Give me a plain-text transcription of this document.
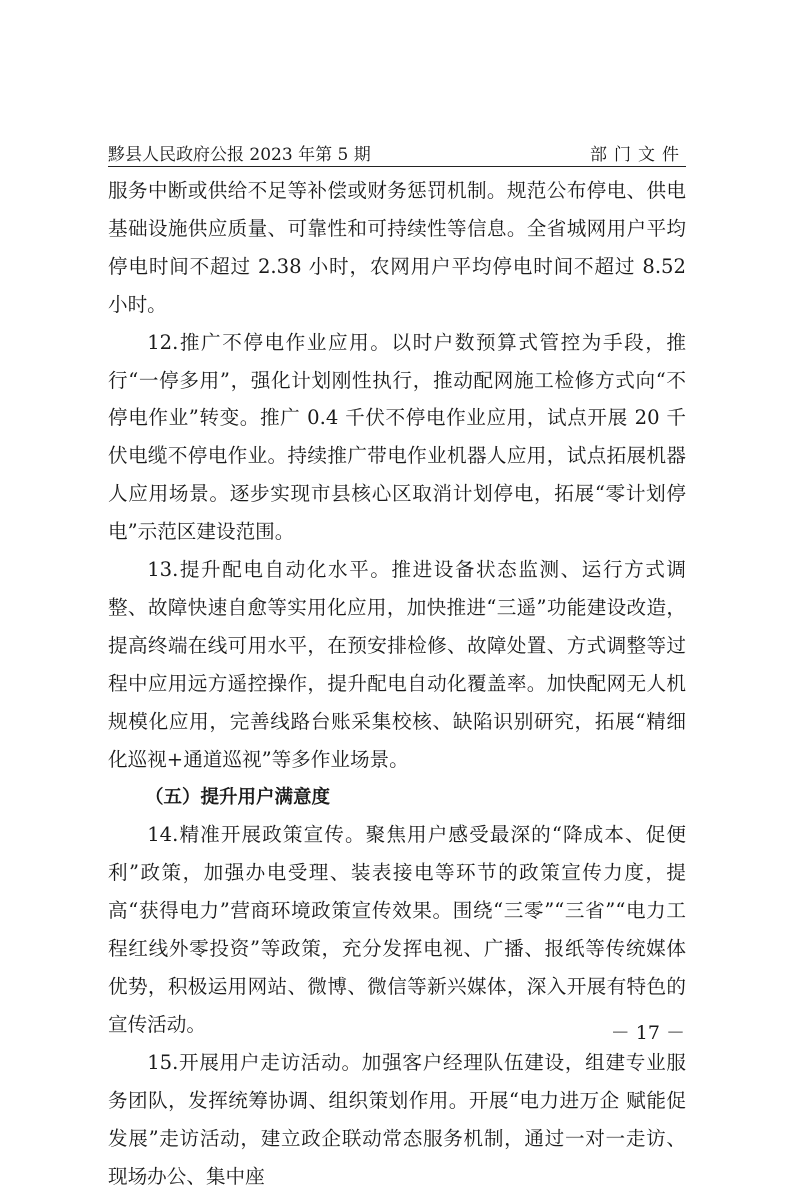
黟县人民政府公报 2023 年第 5 期	部门文件

服务中断或供给不足等补偿或财务惩罚机制。规范公布停电、供电基础设施供应质量、可靠性和可持续性等信息。全省城网用户平均停电时间不超过 2.38 小时，农网用户平均停电时间不超过 8.52 小时。

12.推广不停电作业应用。以时户数预算式管控为手段，推行“一停多用”，强化计划刚性执行，推动配网施工检修方式向“不停电作业”转变。推广 0.4 千伏不停电作业应用，试点开展 20 千伏电缆不停电作业。持续推广带电作业机器人应用，试点拓展机器人应用场景。逐步实现市县核心区取消计划停电，拓展“零计划停电”示范区建设范围。

13.提升配电自动化水平。推进设备状态监测、运行方式调整、故障快速自愈等实用化应用，加快推进“三遥”功能建设改造，提高终端在线可用水平，在预安排检修、故障处置、方式调整等过程中应用远方遥控操作，提升配电自动化覆盖率。加快配网无人机规模化应用，完善线路台账采集校核、缺陷识别研究，拓展“精细化巡视+通道巡视”等多作业场景。

（五）提升用户满意度

14.精准开展政策宣传。聚焦用户感受最深的“降成本、促便利”政策，加强办电受理、装表接电等环节的政策宣传力度，提高“获得电力”营商环境政策宣传效果。围绕“三零”“三省”“电力工程红线外零投资”等政策，充分发挥电视、广播、报纸等传统媒体优势，积极运用网站、微博、微信等新兴媒体，深入开展有特色的宣传活动。

15.开展用户走访活动。加强客户经理队伍建设，组建专业服务团队，发挥统筹协调、组织策划作用。开展“电力进万企 赋能促发展”走访活动，建立政企联动常态服务机制，通过一对一走访、现场办公、集中座

－ 17 －
